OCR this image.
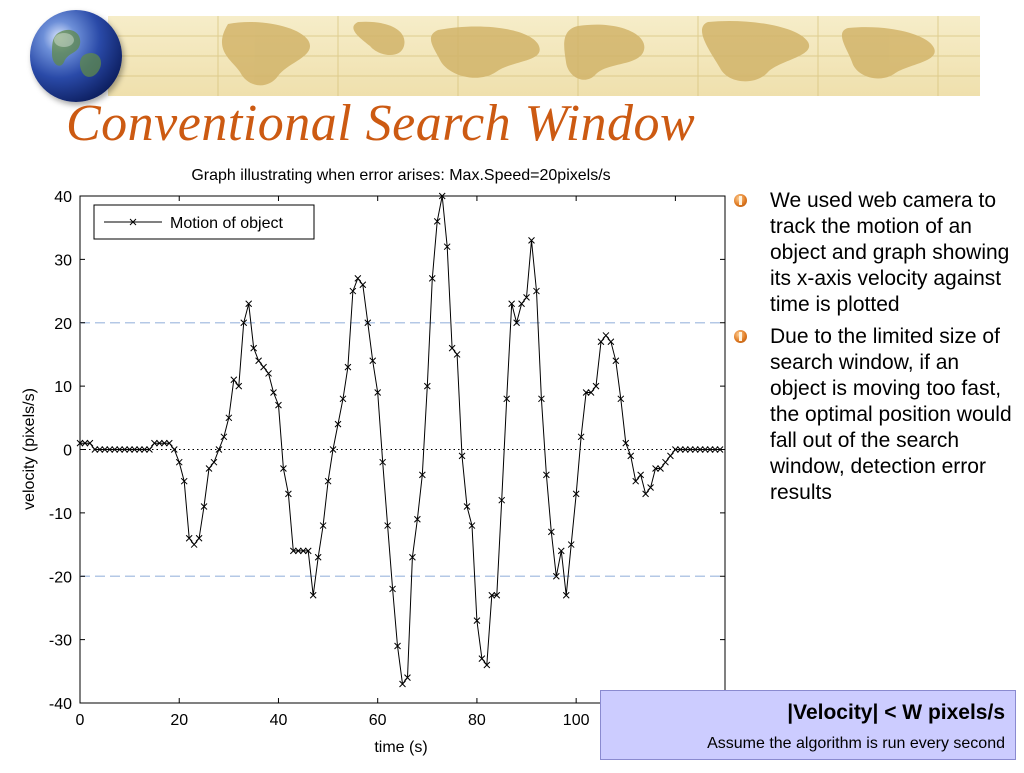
Conventional Search Window
Graph illustrating when error arises: Max.Speed=20pixels/s
0	20	40	60	80	100
-40
-30
-20
-10
0
10
20
30
40
Motion of object
time (s)
velocity (pixels/s)
We used web camera to track the motion of an object and graph showing its x-axis velocity against time is plotted
Due to the limited size of search window, if an object is moving too fast, the optimal position would fall out of the search window, detection error results
|Velocity| < W pixels/s
Assume the algorithm is run every second
